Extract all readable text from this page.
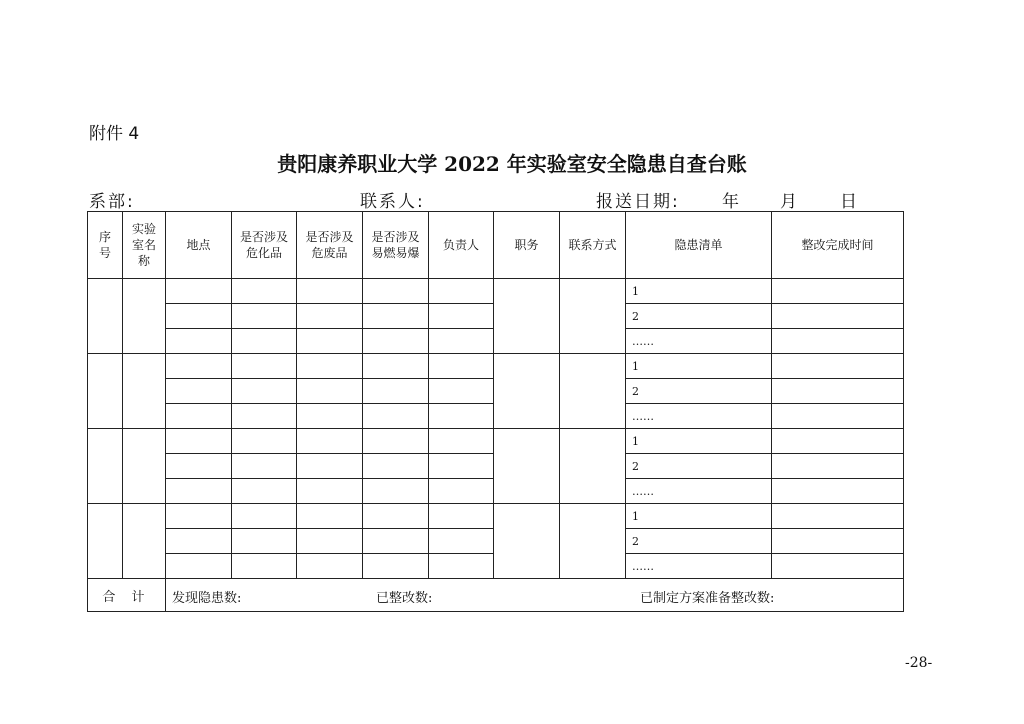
附件 4
贵阳康养职业大学 2022 年实验室安全隐患自查台账
系部:	联系人:	报送日期: 年 月 日
序号	实验室名称	地点	是否涉及危化品	是否涉及危废品	是否涉及易燃易爆	负责人	职务	联系方式	隐患清单	整改完成时间
									1	
									2	
									……	
									1	
									2	
									……	
									1	
									2	
									……	
									1	
									2	
									……	
合 计		发现隐患数: 已整改数: 已制定方案准备整改数:								
-28-
